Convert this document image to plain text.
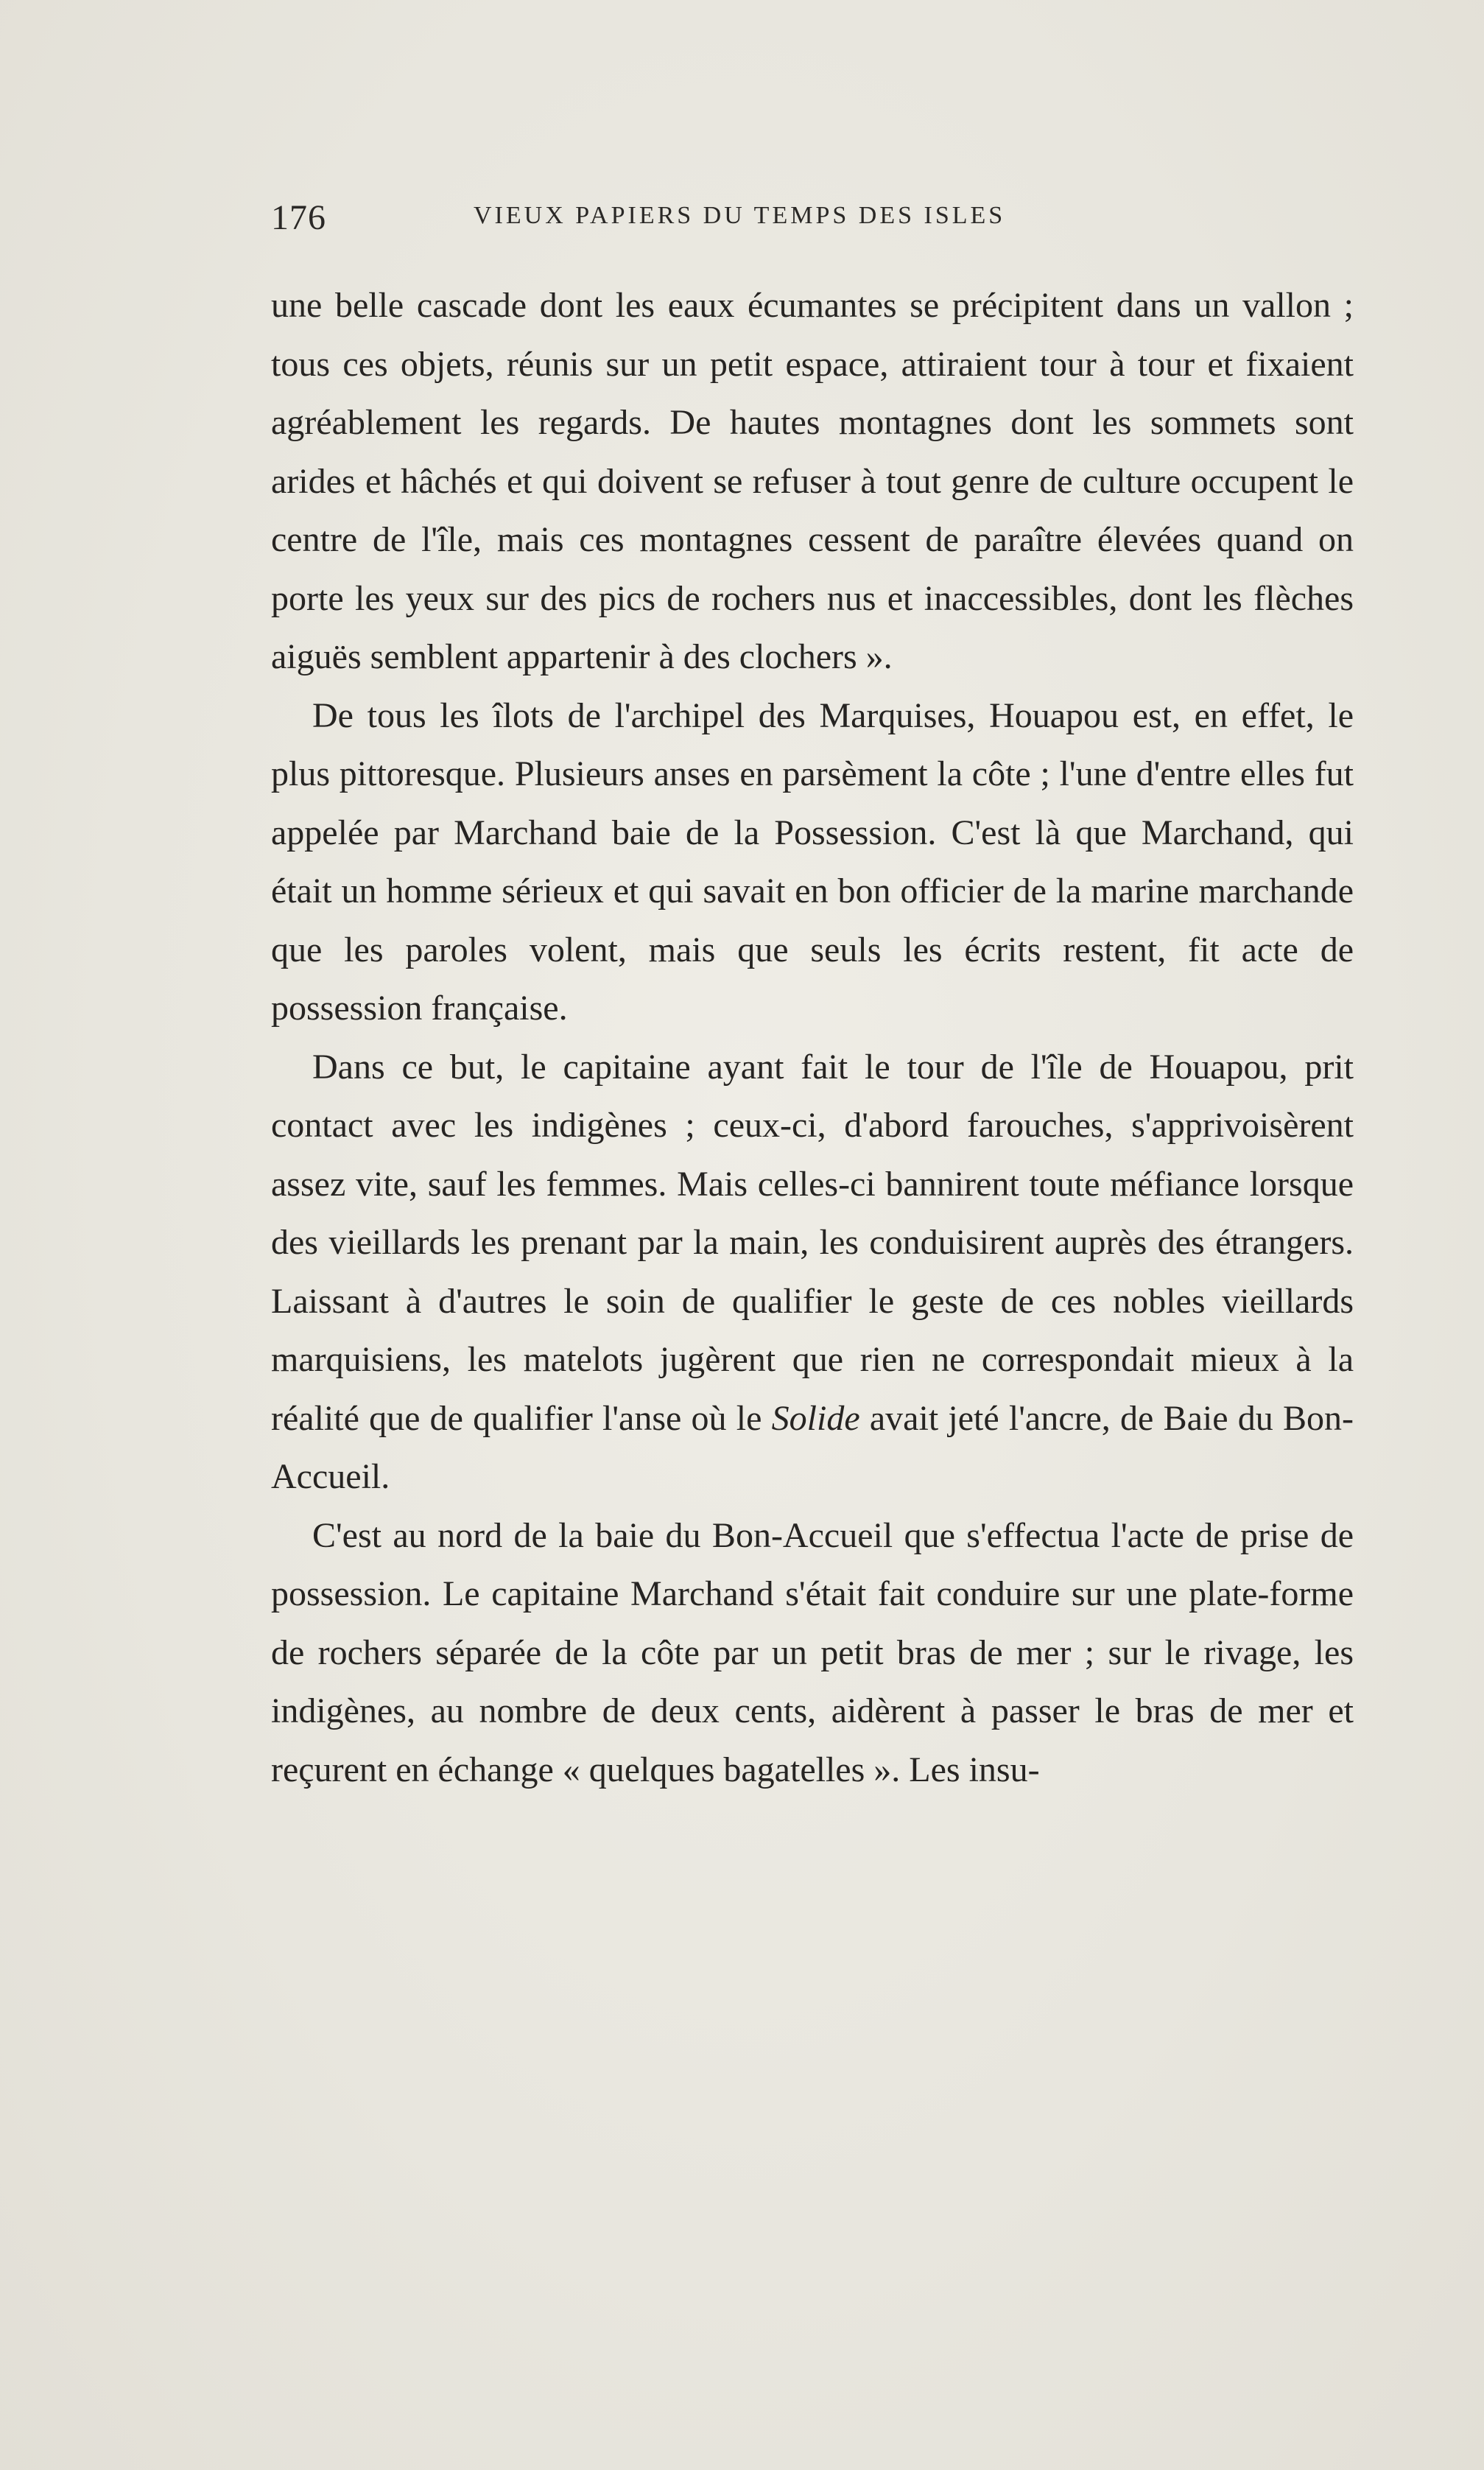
176	VIEUX PAPIERS DU TEMPS DES ISLES

une belle cascade dont les eaux écumantes se précipitent dans un vallon ; tous ces objets, réunis sur un petit espace, attiraient tour à tour et fixaient agréablement les regards. De hautes montagnes dont les sommets sont arides et hâchés et qui doivent se refuser à tout genre de culture occupent le centre de l'île, mais ces montagnes cessent de paraître élevées quand on porte les yeux sur des pics de rochers nus et inaccessibles, dont les flèches aiguës semblent appartenir à des clochers ».

De tous les îlots de l'archipel des Marquises, Houapou est, en effet, le plus pittoresque. Plusieurs anses en parsèment la côte ; l'une d'entre elles fut appelée par Marchand baie de la Possession. C'est là que Marchand, qui était un homme sérieux et qui savait en bon officier de la marine marchande que les paroles volent, mais que seuls les écrits restent, fit acte de possession française.

Dans ce but, le capitaine ayant fait le tour de l'île de Houapou, prit contact avec les indigènes ; ceux-ci, d'abord farouches, s'apprivoisèrent assez vite, sauf les femmes. Mais celles-ci bannirent toute méfiance lorsque des vieillards les prenant par la main, les conduisirent auprès des étrangers. Laissant à d'autres le soin de qualifier le geste de ces nobles vieillards marquisiens, les matelots jugèrent que rien ne correspondait mieux à la réalité que de qualifier l'anse où le Solide avait jeté l'ancre, de Baie du Bon-Accueil.

C'est au nord de la baie du Bon-Accueil que s'effectua l'acte de prise de possession. Le capitaine Marchand s'était fait conduire sur une plate-forme de rochers séparée de la côte par un petit bras de mer ; sur le rivage, les indigènes, au nombre de deux cents, aidèrent à passer le bras de mer et reçurent en échange « quelques bagatelles ». Les insu-
